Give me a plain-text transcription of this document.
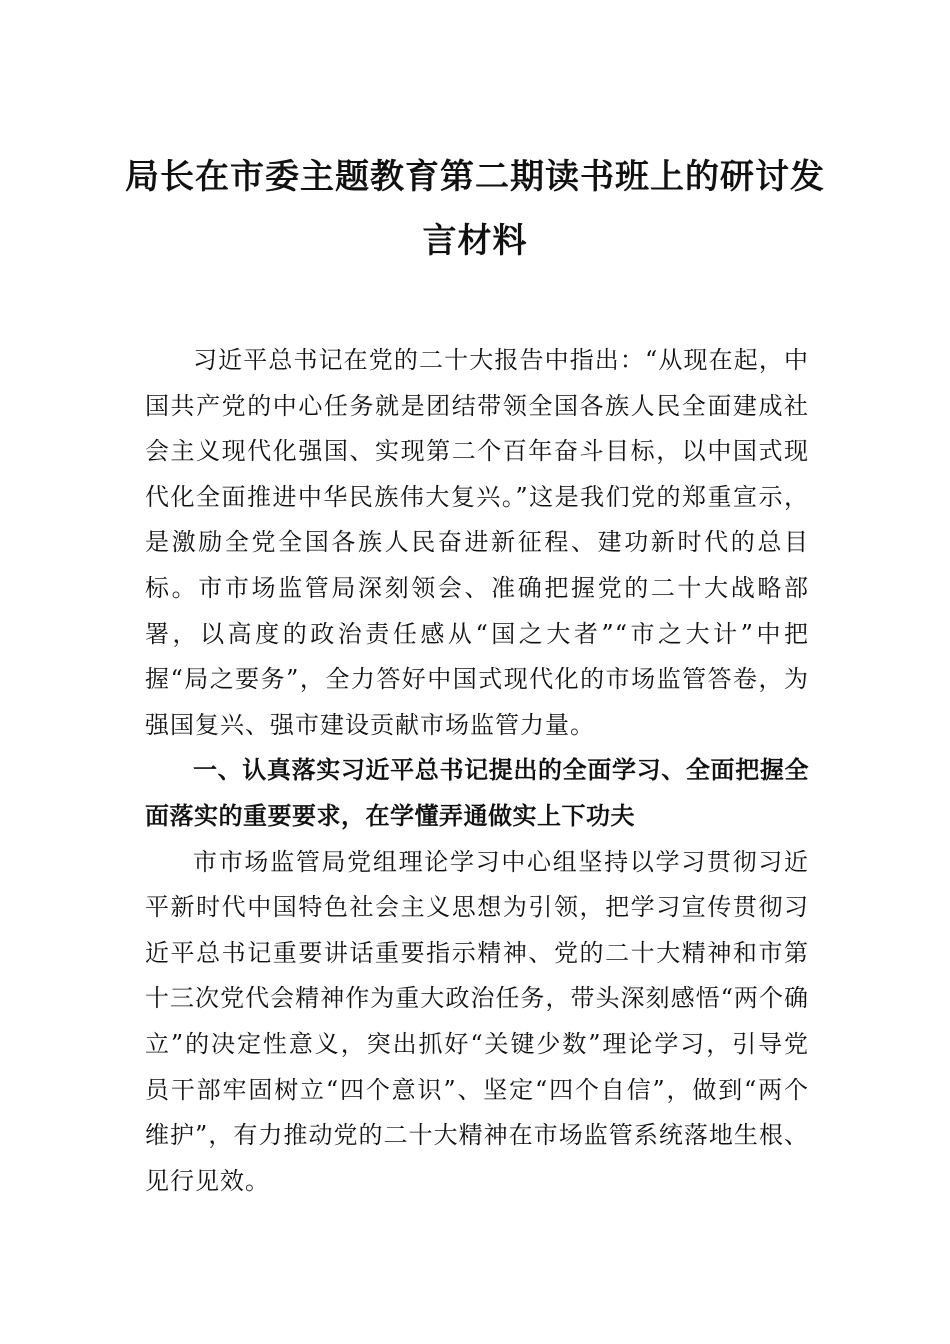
局长在市委主题教育第二期读书班上的研讨发言材料

习近平总书记在党的二十大报告中指出：“从现在起，中国共产党的中心任务就是团结带领全国各族人民全面建成社会主义现代化强国、实现第二个百年奋斗目标，以中国式现代化全面推进中华民族伟大复兴。”这是我们党的郑重宣示，是激励全党全国各族人民奋进新征程、建功新时代的总目标。市市场监管局深刻领会、准确把握党的二十大战略部署，以高度的政治责任感从“国之大者”“市之大计”中把握“局之要务”，全力答好中国式现代化的市场监管答卷，为强国复兴、强市建设贡献市场监管力量。

一、认真落实习近平总书记提出的全面学习、全面把握全面落实的重要要求，在学懂弄通做实上下功夫

市市场监管局党组理论学习中心组坚持以学习贯彻习近平新时代中国特色社会主义思想为引领，把学习宣传贯彻习近平总书记重要讲话重要指示精神、党的二十大精神和市第十三次党代会精神作为重大政治任务，带头深刻感悟“两个确立”的决定性意义，突出抓好“关键少数”理论学习，引导党员干部牢固树立“四个意识”、坚定“四个自信”，做到“两个维护”，有力推动党的二十大精神在市场监管系统落地生根、见行见效。
